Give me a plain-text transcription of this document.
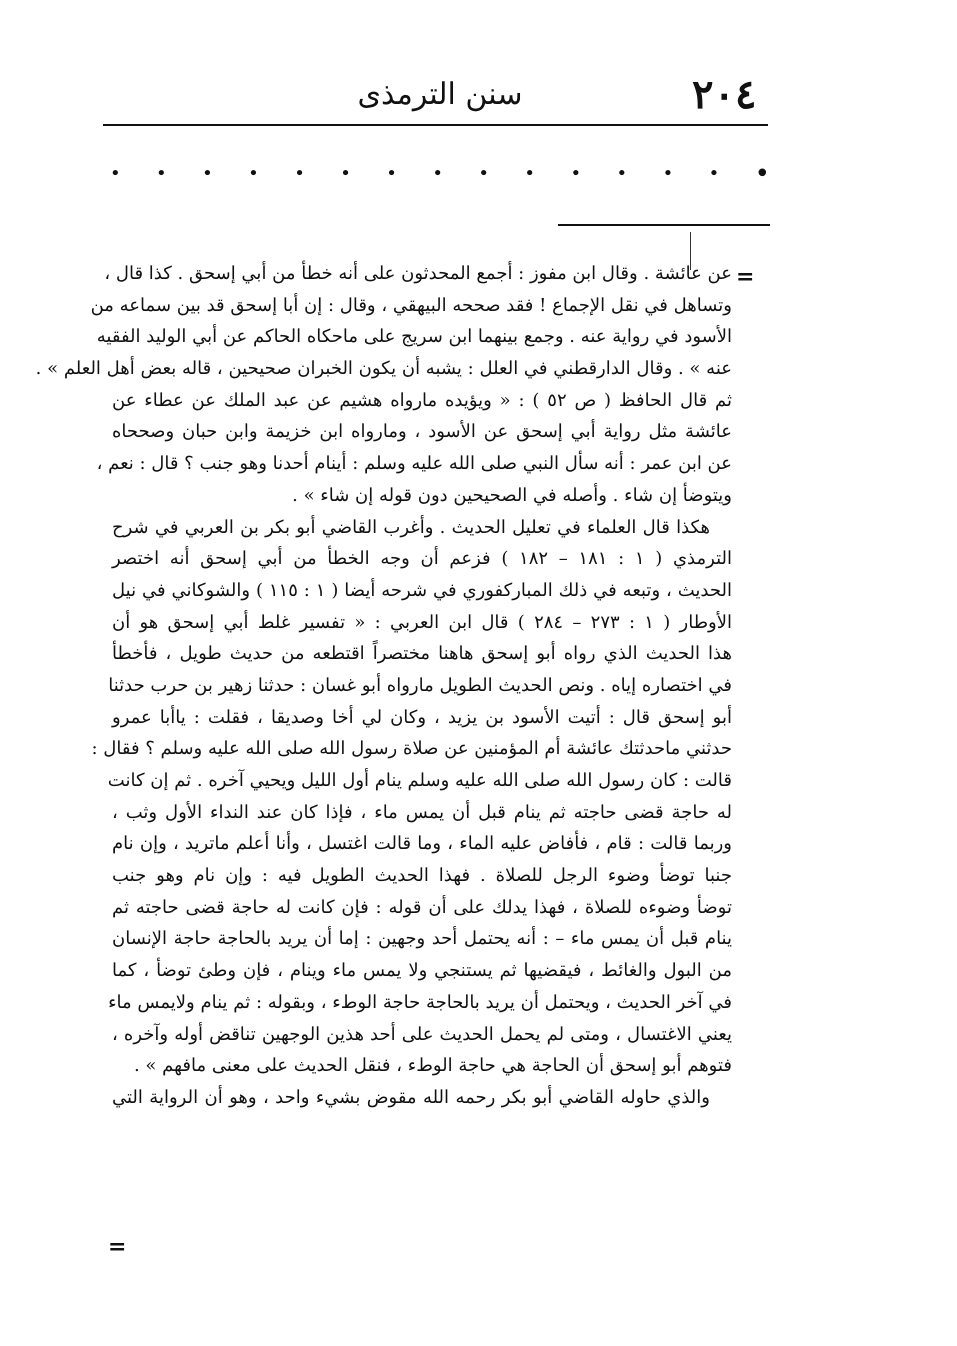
٢٠٤
سنن الترمذى
•
•
•
•
•
•
•
•
•
•
•
•
•
•
•
=
عن عائشة . وقال ابن مفوز : أجمع المحدثون على أنه خطأ من أبي إسحق . كذا قال ،
وتساهل في نقل الإجماع ! فقد صححه البيهقي ، وقال : إن أبا إسحق قد بين سماعه من
الأسود في رواية عنه . وجمع بينهما ابن سريج على ماحكاه الحاكم عن أبي الوليد الفقيه
عنه » . وقال الدارقطني في العلل : يشبه أن يكون الخبران صحيحين ، قاله بعض أهل العلم » .
ثم قال الحافظ ( ص ٥٢ ) : « ويؤيده مارواه هشيم عن عبد الملك عن عطاء عن
عائشة مثل رواية أبي إسحق عن الأسود ، ومارواه ابن خزيمة وابن حبان وصححاه
عن ابن عمر : أنه سأل النبي صلى الله عليه وسلم : أينام أحدنا وهو جنب ؟ قال : نعم ،
ويتوضأ إن شاء . وأصله في الصحيحين دون قوله إن شاء » .
هكذا قال العلماء في تعليل الحديث . وأغرب القاضي أبو بكر بن العربي في شرح
الترمذي ( ١ : ١٨١ – ١٨٢ ) فزعم أن وجه الخطأ من أبي إسحق أنه اختصر
الحديث ، وتبعه في ذلك المباركفوري في شرحه أيضا ( ١ : ١١٥ ) والشوكاني في نيل
الأوطار ( ١ : ٢٧٣ – ٢٨٤ ) قال ابن العربي : « تفسير غلط أبي إسحق هو أن
هذا الحديث الذي رواه أبو إسحق هاهنا مختصراً اقتطعه من حديث طويل ، فأخطأ
في اختصاره إياه . ونص الحديث الطويل مارواه أبو غسان : حدثنا زهير بن حرب حدثنا
أبو إسحق قال : أتيت الأسود بن يزيد ، وكان لي أخا وصديقا ، فقلت : ياأبا عمرو
حدثني ماحدثتك عائشة أم المؤمنين عن صلاة رسول الله صلى الله عليه وسلم ؟ فقال :
قالت : كان رسول الله صلى الله عليه وسلم ينام أول الليل ويحيي آخره . ثم إن كانت
له حاجة قضى حاجته ثم ينام قبل أن يمس ماء ، فإذا كان عند النداء الأول وثب ،
وربما قالت : قام ، فأفاض عليه الماء ، وما قالت اغتسل ، وأنا أعلم ماتريد ، وإن نام
جنبا توضأ وضوء الرجل للصلاة . فهذا الحديث الطويل فيه : وإن نام وهو جنب
توضأ وضوءه للصلاة ، فهذا يدلك على أن قوله : فإن كانت له حاجة قضى حاجته ثم
ينام قبل أن يمس ماء – : أنه يحتمل أحد وجهين : إما أن يريد بالحاجة حاجة الإنسان
من البول والغائط ، فيقضيها ثم يستنجي ولا يمس ماء وينام ، فإن وطئ توضأ ، كما
في آخر الحديث ، ويحتمل أن يريد بالحاجة حاجة الوطء ، وبقوله : ثم ينام ولايمس ماء
يعني الاغتسال ، ومتى لم يحمل الحديث على أحد هذين الوجهين تناقض أوله وآخره ،
فتوهم أبو إسحق أن الحاجة هي حاجة الوطء ، فنقل الحديث على معنى مافهم » .
والذي حاوله القاضي أبو بكر رحمه الله مقوض بشيء واحد ، وهو أن الرواية التي
=
